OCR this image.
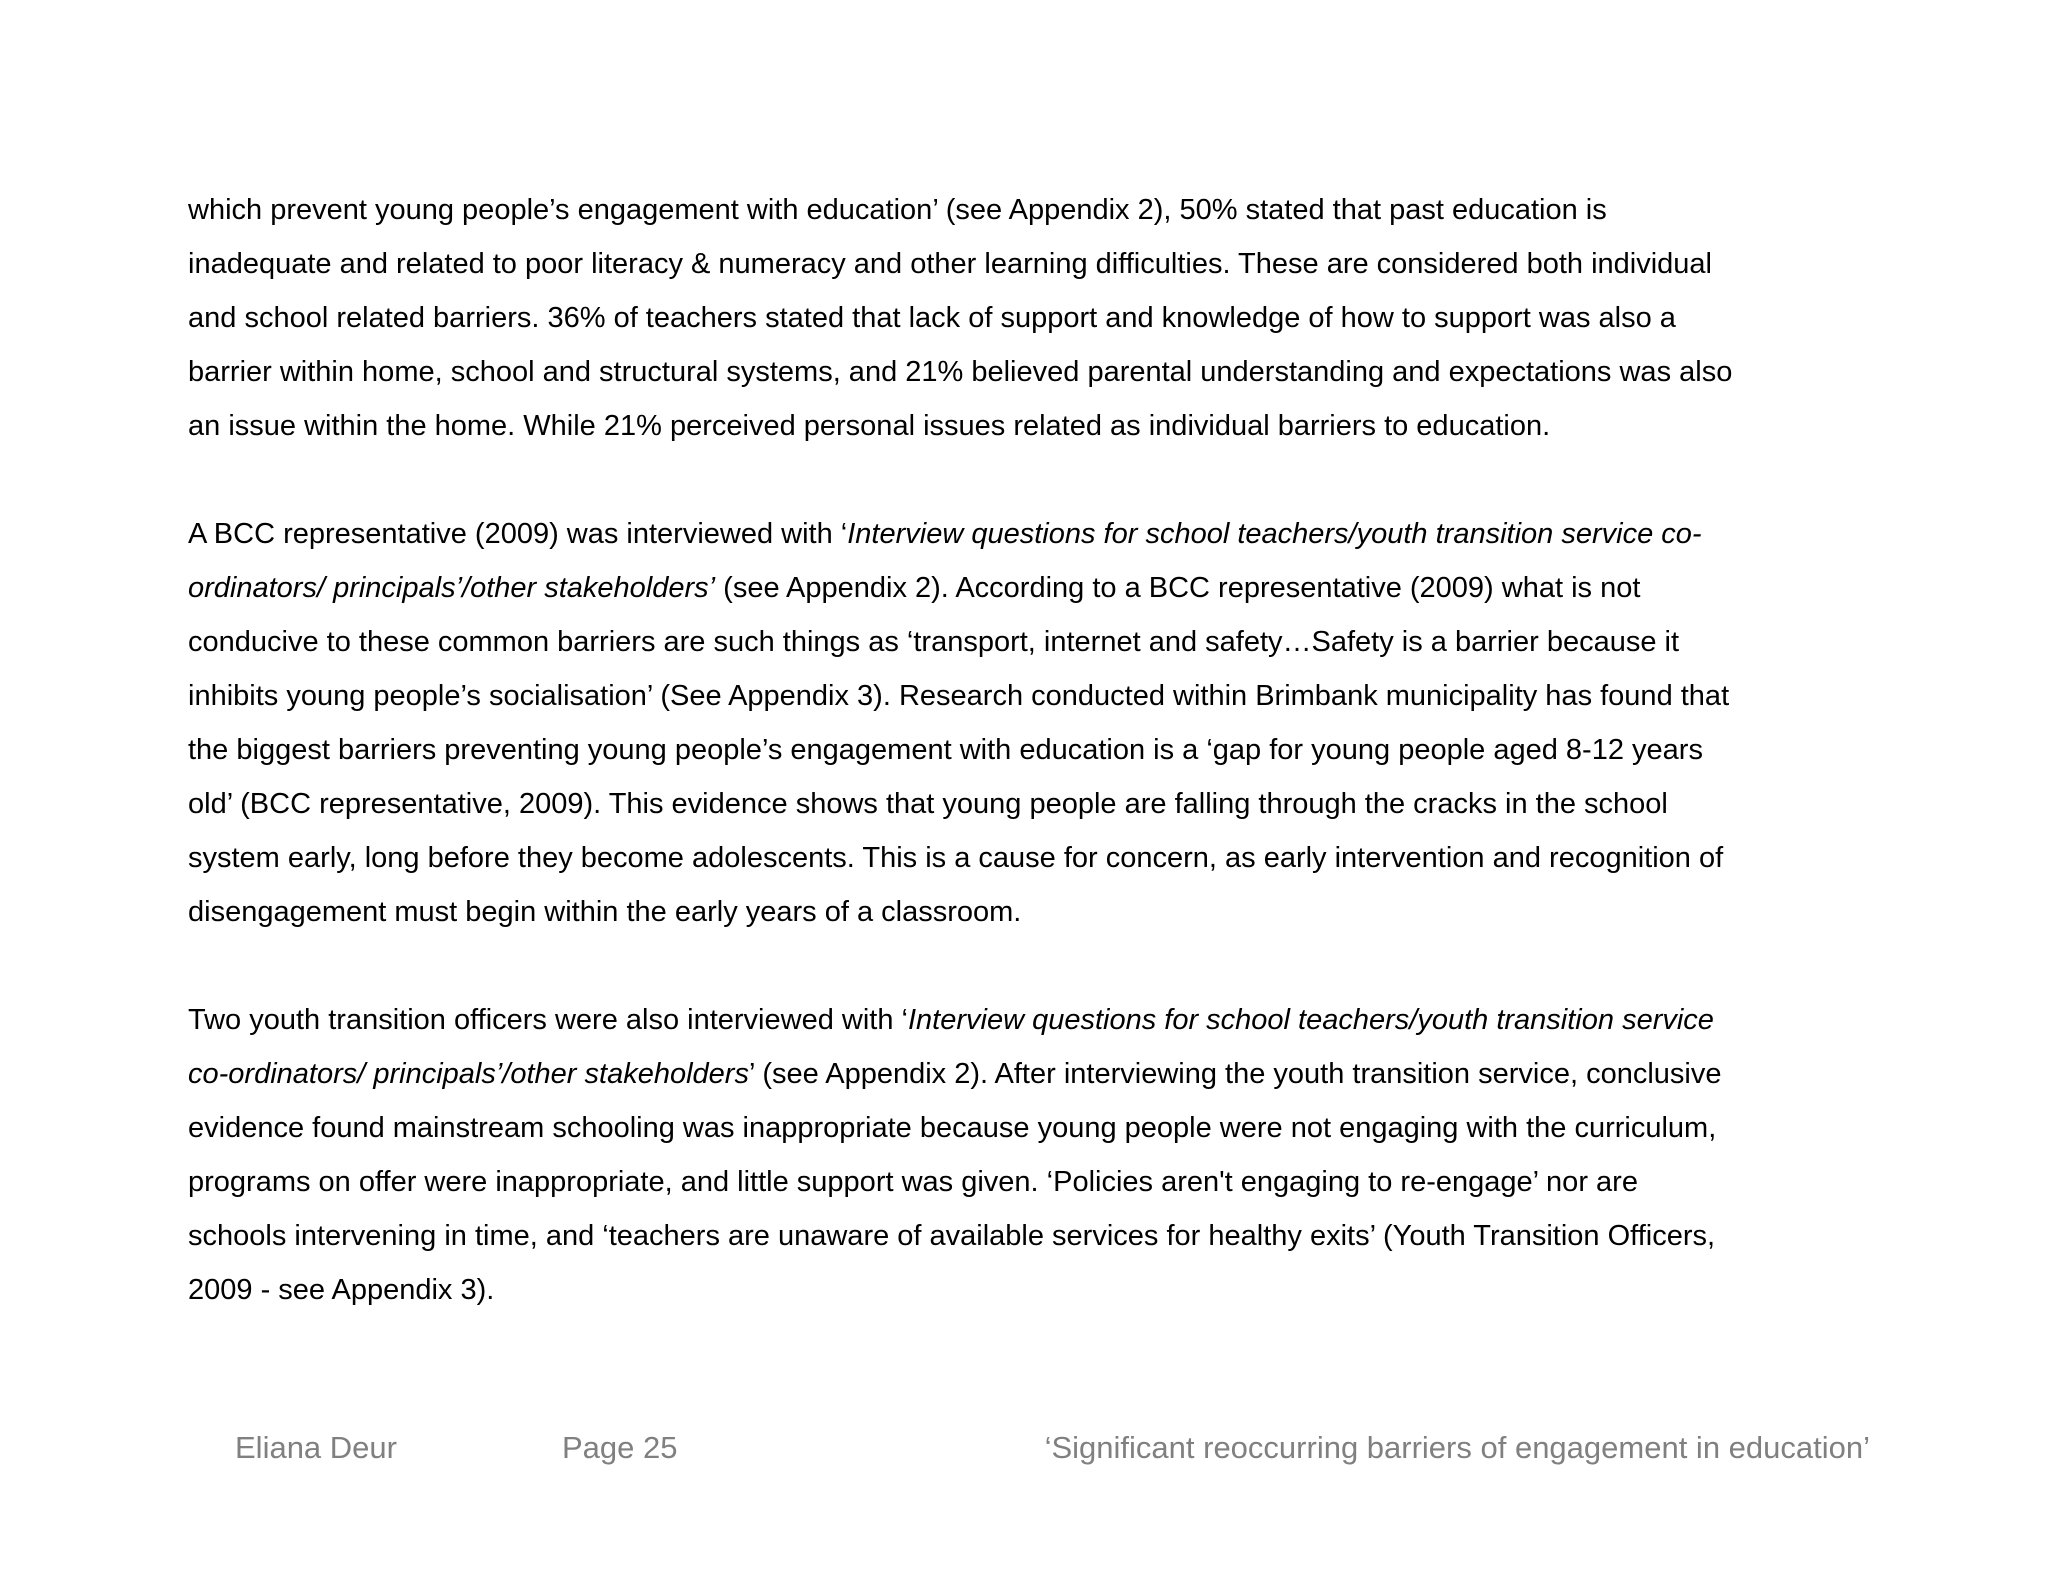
which prevent young people’s engagement with education’ (see Appendix 2), 50% stated that past education is
inadequate and related to poor literacy & numeracy and other learning difficulties. These are considered both individual
and school related barriers. 36% of teachers stated that lack of support and knowledge of how to support was also a
barrier within home, school and structural systems, and 21% believed parental understanding and expectations was also
an issue within the home. While 21% perceived personal issues related as individual barriers to education.
A BCC representative (2009) was interviewed with ‘Interview questions for school teachers/youth transition service co-
ordinators/ principals’/other stakeholders’ (see Appendix 2). According to a BCC representative (2009) what is not
conducive to these common barriers are such things as ‘transport, internet and safety…Safety is a barrier because it
inhibits young people’s socialisation’ (See Appendix 3). Research conducted within Brimbank municipality has found that
the biggest barriers preventing young people’s engagement with education is a ‘gap for young people aged 8-12 years
old’ (BCC representative, 2009). This evidence shows that young people are falling through the cracks in the school
system early, long before they become adolescents. This is a cause for concern, as early intervention and recognition of
disengagement must begin within the early years of a classroom.
Two youth transition officers were also interviewed with ‘Interview questions for school teachers/youth transition service
co-ordinators/ principals’/other stakeholders’ (see Appendix 2). After interviewing the youth transition service, conclusive
evidence found mainstream schooling was inappropriate because young people were not engaging with the curriculum,
programs on offer were inappropriate, and little support was given. ‘Policies aren't engaging to re-engage’ nor are
schools intervening in time, and ‘teachers are unaware of available services for healthy exits’ (Youth Transition Officers,
2009 - see Appendix 3).
Eliana Deur	Page 25	‘Significant reoccurring barriers of engagement in education’
